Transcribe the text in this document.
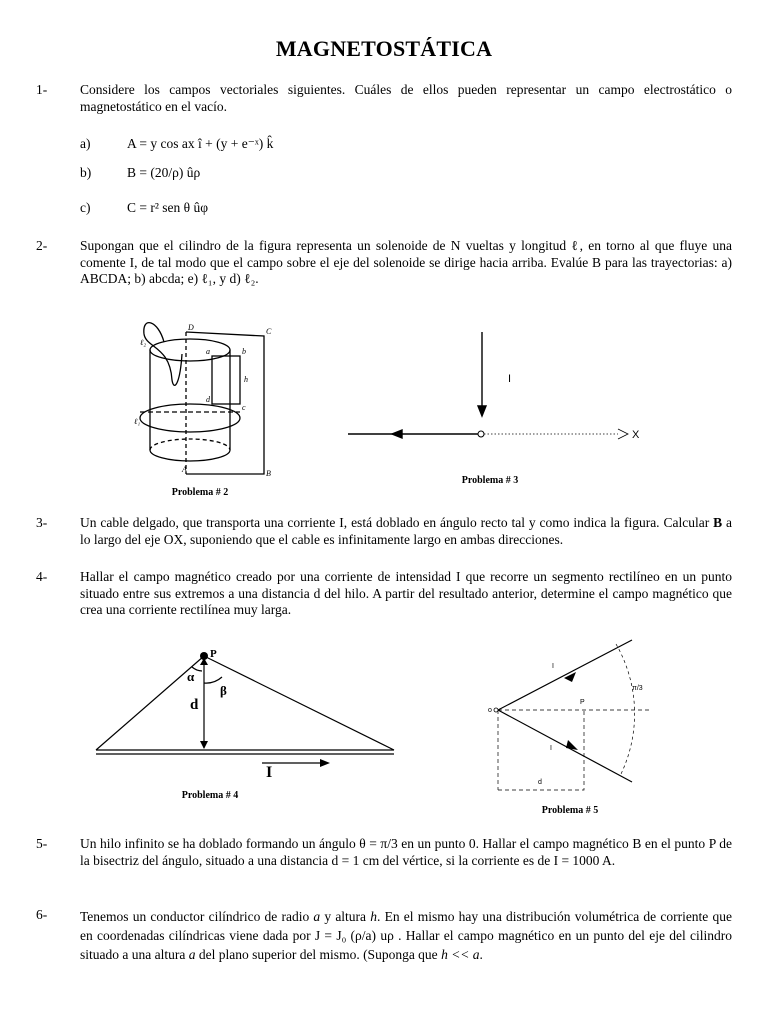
MAGNETOSTÁTICA
1- Considere los campos vectoriales siguientes. Cuáles de ellos pueden representar un campo electrostático o magnetostático en el vacío.
a)	A = y cos ax î + (y + e⁻ˣ) k̂
b)	B = (20/ρ) ûρ
c)	C = r² sen θ ûφ
2- Supongan que el cilindro de la figura representa un solenoide de N vueltas y longitud ℓ, en torno al que fluye una comente I, de tal modo que el campo sobre el eje del solenoide se dirige hacia arriba. Evalúe B para las trayectorias: a) ABCDA; b) abcda; e) ℓ₁, y d) ℓ₂.
ℓ₂
D	C
a	b
h
d
c
ℓ₁
A	B
Problema # 2
I
X
Problema # 3
3- Un cable delgado, que transporta una corriente I, está doblado en ángulo recto tal y como indica la figura. Calcular B a lo largo del eje OX, suponiendo que el cable es infinitamente largo en ambas direcciones.
4- Hallar el campo magnético creado por una corriente de intensidad I que recorre un segmento rectilíneo en un punto situado entre sus extremos a una distancia d del hilo. A partir del resultado anterior, determine el campo magnético que crea una corriente rectilínea muy larga.
P
α
β
d
I
Problema # 4
o
P
I
I
π/3
d
Problema # 5
5- Un hilo infinito se ha doblado formando un ángulo θ = π/3 en un punto 0. Hallar el campo magnético B en el punto P de la bisectriz del ángulo, situado a una distancia d = 1 cm del vértice, si la corriente es de I = 1000 A.
6- Tenemos un conductor cilíndrico de radio a y altura h. En el mismo hay una distribución volumétrica de corriente que en coordenadas cilíndricas viene dada por J = J₀ (ρ/a) uρ . Hallar el campo magnético en un punto del eje del cilindro situado a una altura a del plano superior del mismo. (Suponga que h << a.
